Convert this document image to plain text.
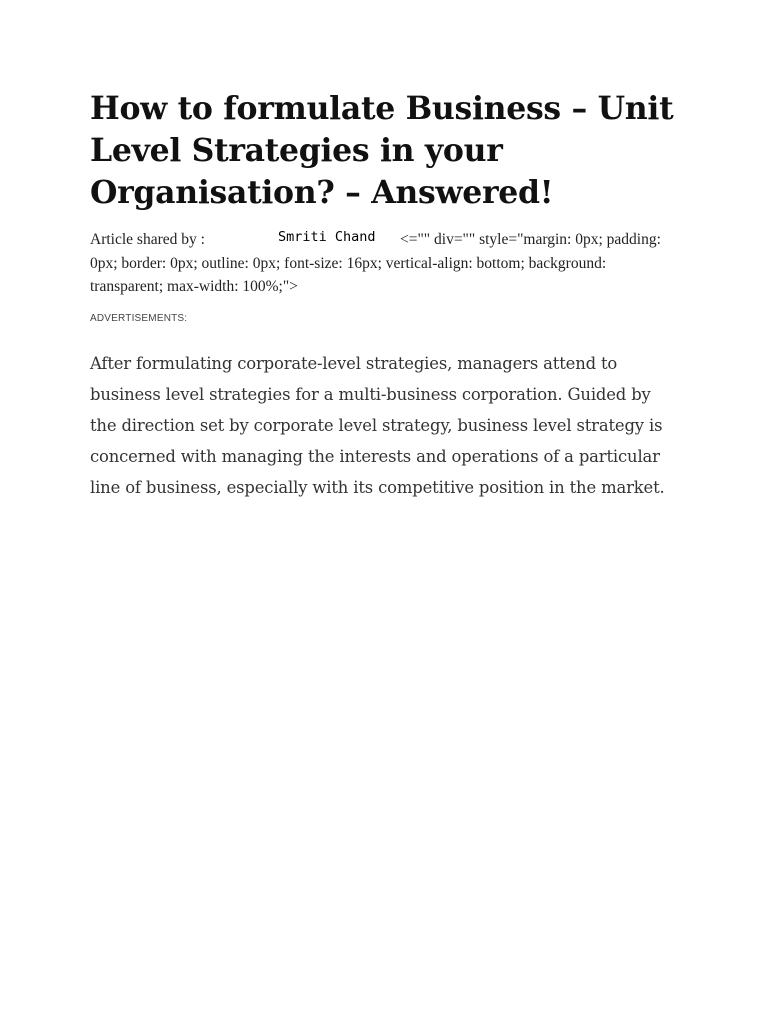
How to formulate Business – Unit Level Strategies in your Organisation? – Answered!
Article shared by :	Smriti Chand <="" div="" style="margin: 0px; padding: 0px; border: 0px; outline: 0px; font-size: 16px; vertical-align: bottom; background: transparent; max-width: 100%;">
ADVERTISEMENTS:

After formulating corporate-level strategies, managers attend to business level strategies for a multi-business corporation. Guided by the direction set by corporate level strategy, business level strategy is concerned with managing the interests and operations of a particular line of business, especially with its competitive position in the market.
